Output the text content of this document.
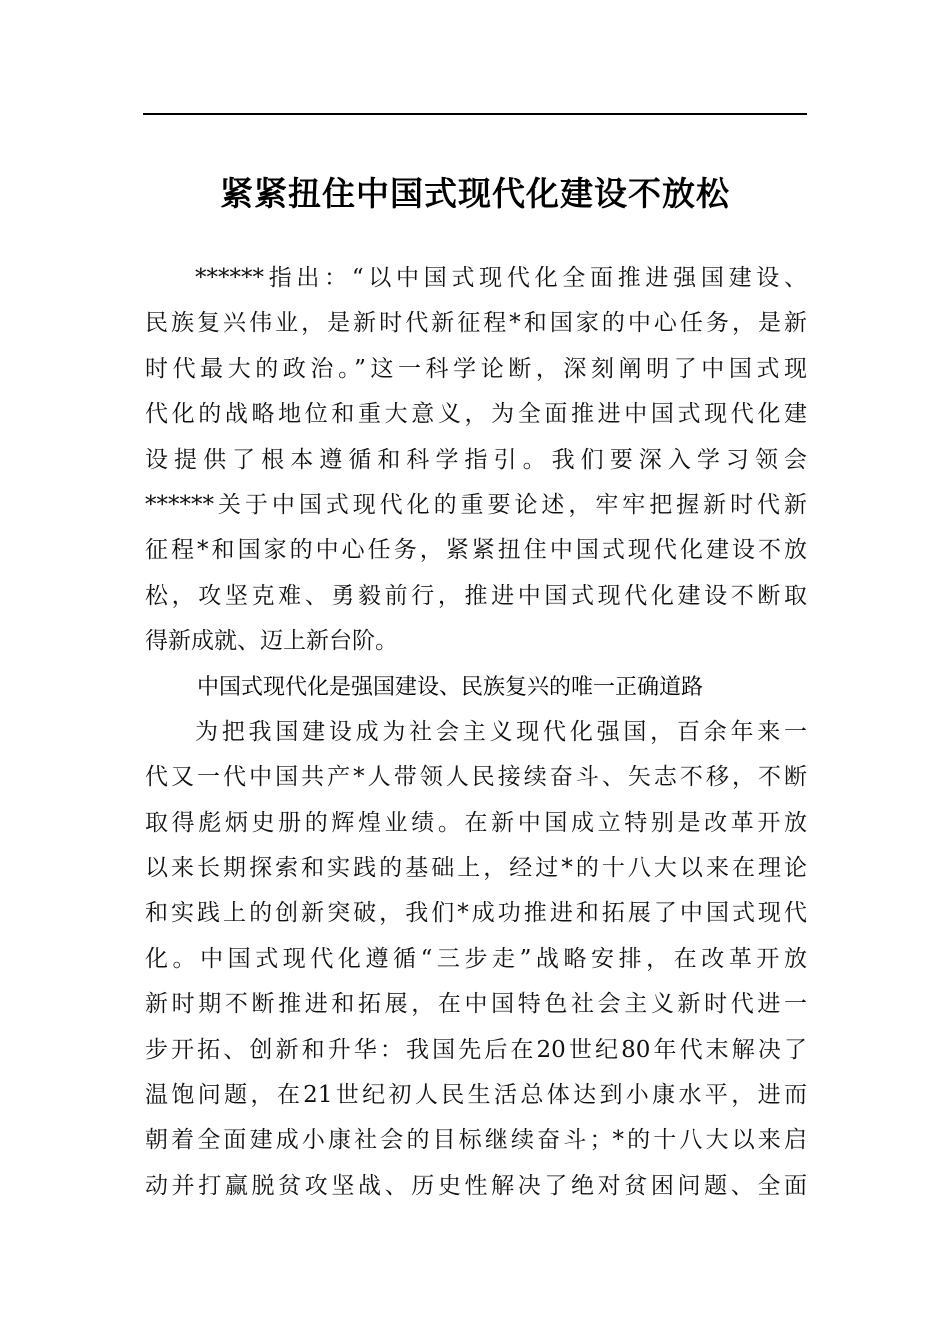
紧紧扭住中国式现代化建设不放松
******指出：“以中国式现代化全面推进强国建设、
民族复兴伟业，是新时代新征程*和国家的中心任务，是新
时代最大的政治。”这一科学论断，深刻阐明了中国式现
代化的战略地位和重大意义，为全面推进中国式现代化建
设提供了根本遵循和科学指引。我们要深入学习领会
******关于中国式现代化的重要论述，牢牢把握新时代新
征程*和国家的中心任务，紧紧扭住中国式现代化建设不放
松，攻坚克难、勇毅前行，推进中国式现代化建设不断取
得新成就、迈上新台阶。
中国式现代化是强国建设、民族复兴的唯一正确道路
为把我国建设成为社会主义现代化强国，百余年来一
代又一代中国共产*人带领人民接续奋斗、矢志不移，不断
取得彪炳史册的辉煌业绩。在新中国成立特别是改革开放
以来长期探索和实践的基础上，经过*的十八大以来在理论
和实践上的创新突破，我们*成功推进和拓展了中国式现代
化。中国式现代化遵循“三步走”战略安排，在改革开放
新时期不断推进和拓展，在中国特色社会主义新时代进一
步开拓、创新和升华：我国先后在20世纪80年代末解决了
温饱问题，在21世纪初人民生活总体达到小康水平，进而
朝着全面建成小康社会的目标继续奋斗；*的十八大以来启
动并打赢脱贫攻坚战、历史性解决了绝对贫困问题、全面
